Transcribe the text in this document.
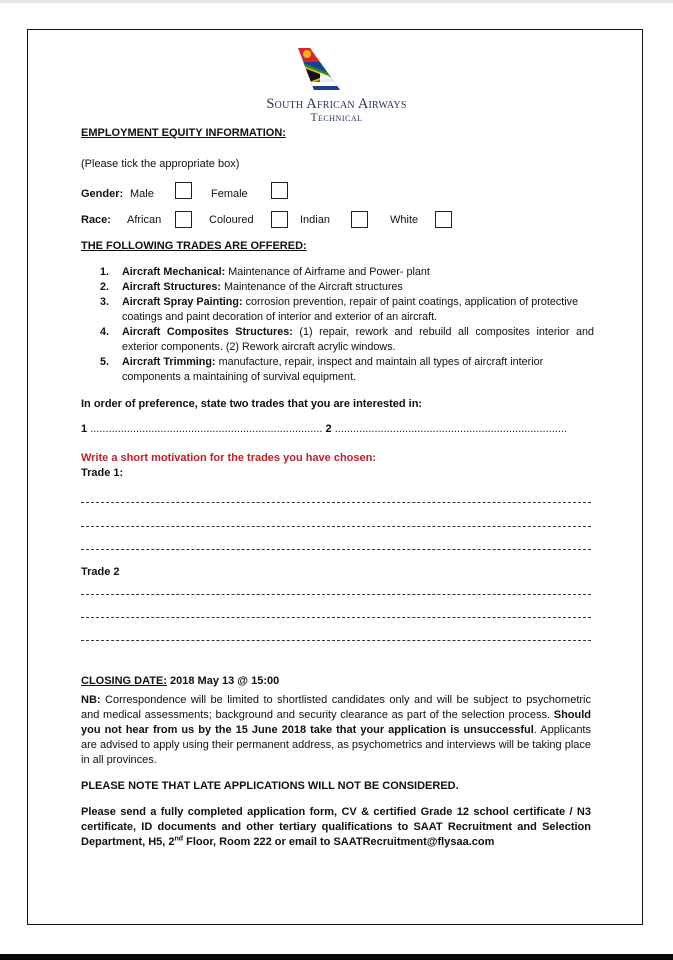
South African Airways
Technical
EMPLOYMENT EQUITY INFORMATION:
(Please tick the appropriate box)
Gender: Male	Female
Race: African	Coloured	Indian	White
THE FOLLOWING TRADES ARE OFFERED:
1.	Aircraft Mechanical: Maintenance of Airframe and Power- plant
2.	Aircraft Structures: Maintenance of the Aircraft structures
3.	Aircraft Spray Painting: corrosion prevention, repair of paint coatings, application of protective coatings and paint decoration of interior and exterior of an aircraft.
4.	Aircraft Composites Structures: (1) repair, rework and rebuild all composites interior and exterior components. (2) Rework aircraft acrylic windows.
5.	Aircraft Trimming: manufacture, repair, inspect and maintain all types of aircraft interior components a maintaining of survival equipment.
In order of preference, state two trades that you are interested in:
1 ............................................................................ 2 ............................................................................
Write a short motivation for the trades you have chosen:
Trade 1:
Trade 2
CLOSING DATE: 2018 May 13 @ 15:00
NB: Correspondence will be limited to shortlisted candidates only and will be subject to psychometric and medical assessments; background and security clearance as part of the selection process. Should you not hear from us by the 15 June 2018 take that your application is unsuccessful. Applicants are advised to apply using their permanent address, as psychometrics and interviews will be taking place in all provinces.
PLEASE NOTE THAT LATE APPLICATIONS WILL NOT BE CONSIDERED.
Please send a fully completed application form, CV & certified Grade 12 school certificate / N3 certificate, ID documents and other tertiary qualifications to SAAT Recruitment and Selection Department, H5, 2nd Floor, Room 222 or email to SAATRecruitment@flysaa.com
